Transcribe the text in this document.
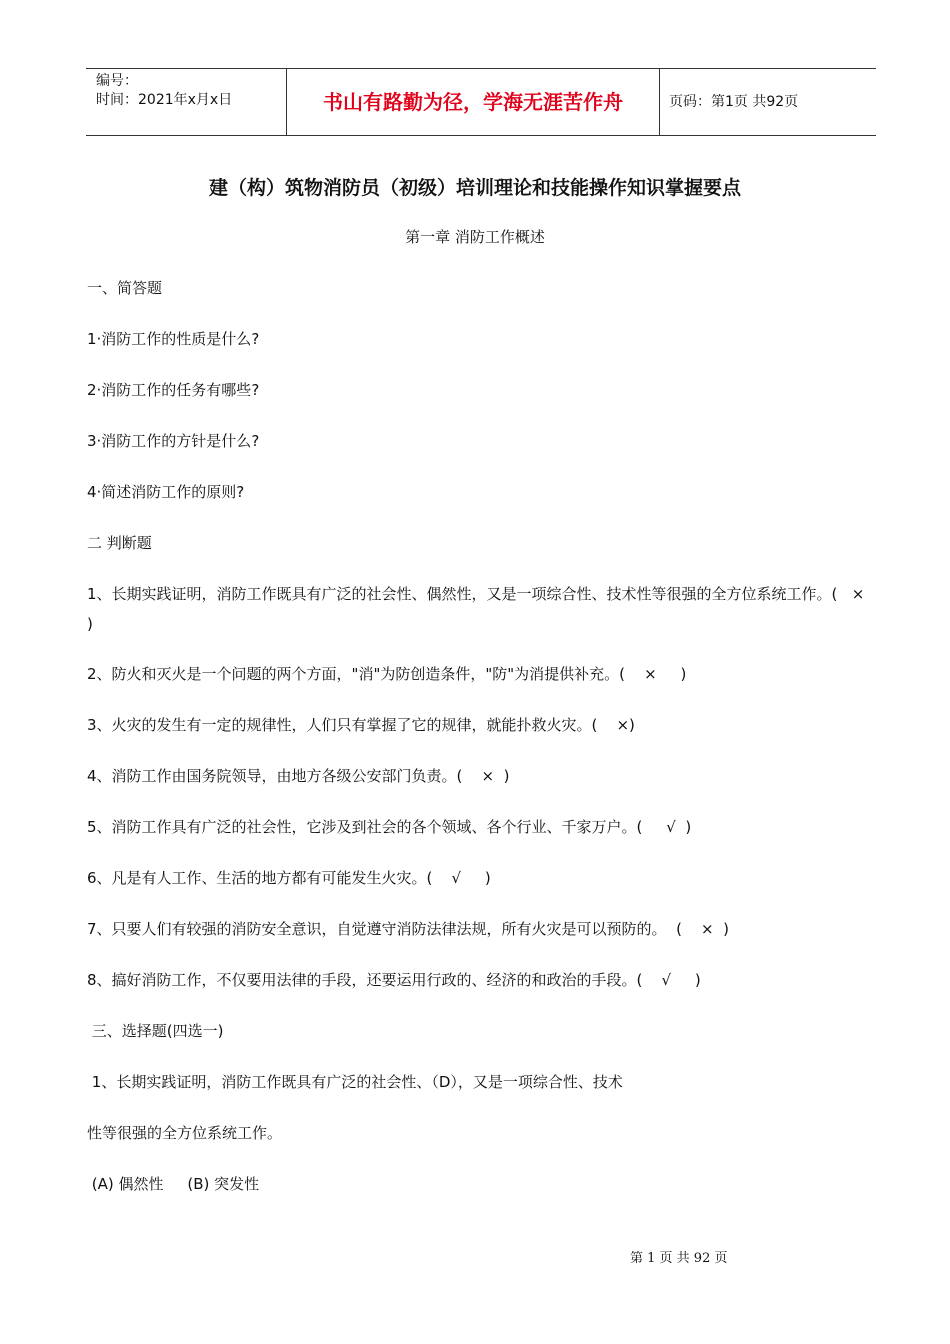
编号：
时间：2021年x月x日	书山有路勤为径，学海无涯苦作舟	页码：第1页 共92页
建（构）筑物消防员（初级）培训理论和技能操作知识掌握要点
第一章 消防工作概述

一、简答题

1·消防工作的性质是什么?

2·消防工作的任务有哪些?

3·消防工作的方针是什么?

4·简述消防工作的原则?

二 判断题

1、长期实践证明，消防工作既具有广泛的社会性、偶然性，又是一项综合性、技术性等很强的全方位系统工作。(   ×    )

2、防火和灭火是一个问题的两个方面，"消"为防创造条件，"防"为消提供补充。(    ×     )

3、火灾的发生有一定的规律性，人们只有掌握了它的规律，就能扑救火灾。(    ×)

4、消防工作由国务院领导，由地方各级公安部门负责。(    ×  )

5、消防工作具有广泛的社会性，它涉及到社会的各个领域、各个行业、千家万户。(     √  )

6、凡是有人工作、生活的地方都有可能发生火灾。(    √     )

7、只要人们有较强的消防安全意识，自觉遵守消防法律法规，所有火灾是可以预防的。  (    ×  )

8、搞好消防工作，不仅要用法律的手段，还要运用行政的、经济的和政治的手段。(    √     )

三、选择题(四选一)

1、长期实践证明，消防工作既具有广泛的社会性、（D），又是一项综合性、技术

性等很强的全方位系统工作。

(A) 偶然性     (B) 突发性

第 1 页 共 92 页
